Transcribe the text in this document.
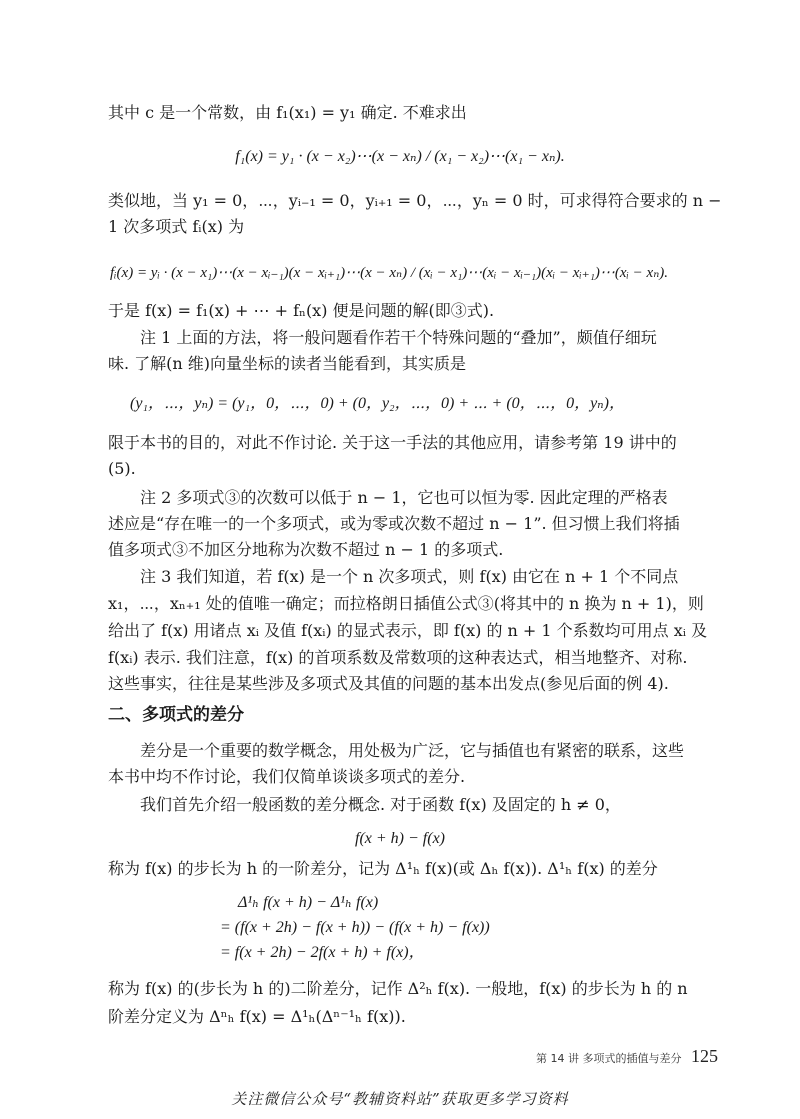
其中 c 是一个常数，由 f₁(x₁) = y₁ 确定. 不难求出
f₁(x) = y₁ · (x − x₂)⋯(x − xₙ) / (x₁ − x₂)⋯(x₁ − xₙ).
类似地，当 y₁ = 0，⋯，yᵢ₋₁ = 0，yᵢ₊₁ = 0，⋯，yₙ = 0 时，可求得符合要求的 n −
1 次多项式 fᵢ(x) 为
fᵢ(x) = yᵢ · (x − x₁)⋯(x − xᵢ₋₁)(x − xᵢ₊₁)⋯(x − xₙ) / (xᵢ − x₁)⋯(xᵢ − xᵢ₋₁)(xᵢ − xᵢ₊₁)⋯(xᵢ − xₙ).
于是 f(x) = f₁(x) + ⋯ + fₙ(x) 便是问题的解(即③式).
注 1 上面的方法，将一般问题看作若干个特殊问题的“叠加”，颇值仔细玩
味. 了解(n 维)向量坐标的读者当能看到，其实质是
(y₁，⋯，yₙ) = (y₁，0，⋯，0) + (0，y₂，⋯，0) + ⋯ + (0，⋯，0，yₙ)，
限于本书的目的，对此不作讨论. 关于这一手法的其他应用，请参考第 19 讲中的
(5).
注 2 多项式③的次数可以低于 n − 1，它也可以恒为零. 因此定理的严格表
述应是“存在唯一的一个多项式，或为零或次数不超过 n − 1”. 但习惯上我们将插
值多项式③不加区分地称为次数不超过 n − 1 的多项式.
注 3 我们知道，若 f(x) 是一个 n 次多项式，则 f(x) 由它在 n + 1 个不同点
x₁，⋯，xₙ₊₁ 处的值唯一确定；而拉格朗日插值公式③(将其中的 n 换为 n + 1)，则
给出了 f(x) 用诸点 xᵢ 及值 f(xᵢ) 的显式表示，即 f(x) 的 n + 1 个系数均可用点 xᵢ 及
f(xᵢ) 表示. 我们注意，f(x) 的首项系数及常数项的这种表达式，相当地整齐、对称.
这些事实，往往是某些涉及多项式及其值的问题的基本出发点(参见后面的例 4).
二、多项式的差分
差分是一个重要的数学概念，用处极为广泛，它与插值也有紧密的联系，这些
本书中均不作讨论，我们仅简单谈谈多项式的差分.
我们首先介绍一般函数的差分概念. 对于函数 f(x) 及固定的 h ≠ 0，
f(x + h) − f(x)
称为 f(x) 的步长为 h 的一阶差分，记为 Δ¹ₕ f(x)(或 Δₕ f(x)). Δ¹ₕ f(x) 的差分
Δ¹ₕ f(x + h) − Δ¹ₕ f(x)
= (f(x + 2h) − f(x + h)) − (f(x + h) − f(x))
= f(x + 2h) − 2f(x + h) + f(x)，
称为 f(x) 的(步长为 h 的)二阶差分，记作 Δ²ₕ f(x). 一般地，f(x) 的步长为 h 的 n
阶差分定义为 Δⁿₕ f(x) = Δ¹ₕ(Δⁿ⁻¹ₕ f(x)).
第 14 讲 多项式的插值与差分 125
关注微信公众号“教辅资料站”获取更多学习资料
